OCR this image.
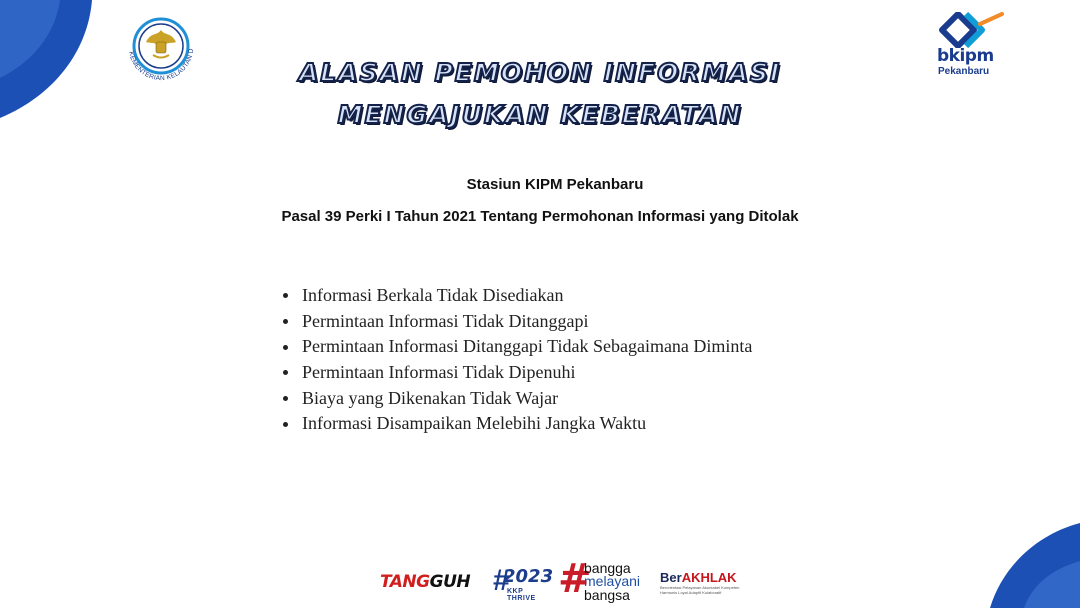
KEMENTERIAN KELAUTAN D	bkipm
Pekanbaru
ALASAN PEMOHON INFORMASI
MENGAJUKAN KEBERATAN
Stasiun KIPM Pekanbaru
Pasal 39 Perki I Tahun 2021 Tentang Permohonan Informasi yang Ditolak
Informasi Berkala Tidak Disediakan
Permintaan Informasi Tidak Ditanggapi
Permintaan Informasi Ditanggapi Tidak Sebagaimana Diminta
Permintaan Informasi Tidak Dipenuhi
Biaya yang Dikenakan Tidak Wajar
Informasi Disampaikan Melebihi Jangka Waktu
TANGGUH #
2023
KKP THRIVE #
bangga
melayani
bangsa
BerAKHLAK
Berorientasi Pelayanan Akuntabel Kompeten Harmonis Loyal Adaptif Kolaboratif
